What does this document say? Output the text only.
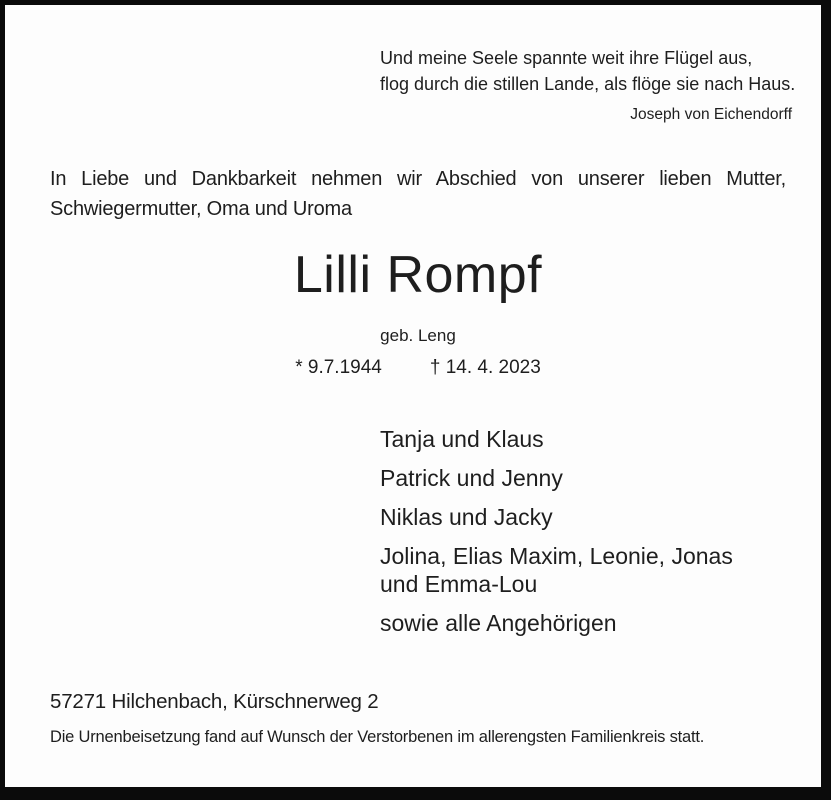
Und meine Seele spannte weit ihre Flügel aus,
flog durch die stillen Lande, als flöge sie nach Haus.
Joseph von Eichendorff

In Liebe und Dankbarkeit nehmen wir Abschied von unserer lieben Mutter, Schwiegermutter, Oma und Uroma

Lilli Rompf
geb. Leng
* 9.7.1944	† 14. 4. 2023
Tanja und Klaus
Patrick und Jenny
Niklas und Jacky
Jolina, Elias Maxim, Leonie, Jonas und Emma-Lou
sowie alle Angehörigen
57271 Hilchenbach, Kürschnerweg 2
Die Urnenbeisetzung fand auf Wunsch der Verstorbenen im allerengsten Familienkreis statt.
